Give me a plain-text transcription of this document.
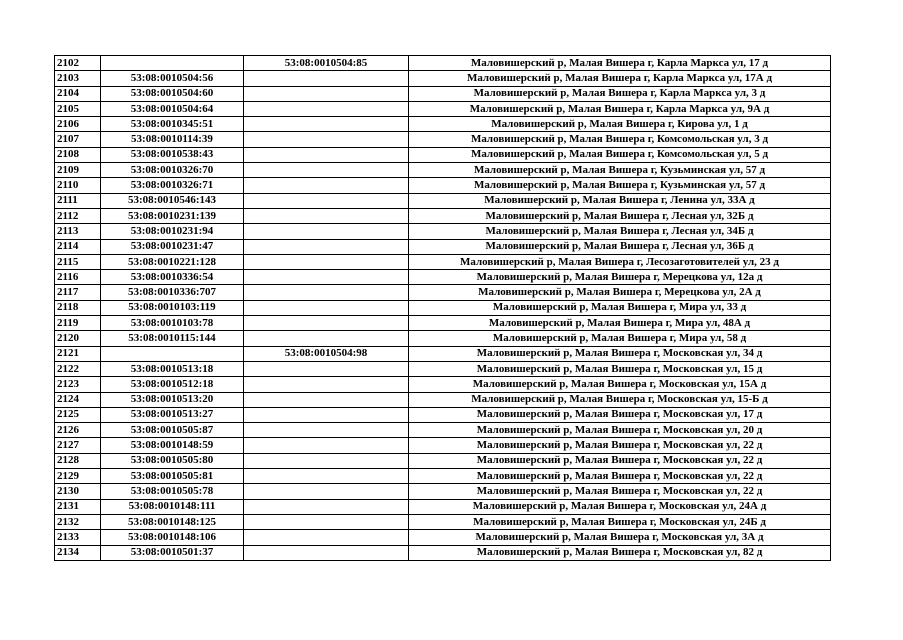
2102		53:08:0010504:85	Маловишерский р, Малая Вишера г, Карла Маркса ул, 17 д
2103	53:08:0010504:56		Маловишерский р, Малая Вишера г, Карла Маркса ул, 17А д
2104	53:08:0010504:60		Маловишерский р, Малая Вишера г, Карла Маркса ул, 3 д
2105	53:08:0010504:64		Маловишерский р, Малая Вишера г, Карла Маркса ул, 9А д
2106	53:08:0010345:51		Маловишерский р, Малая Вишера г, Кирова ул, 1 д
2107	53:08:0010114:39		Маловишерский р, Малая Вишера г, Комсомольская ул, 3 д
2108	53:08:0010538:43		Маловишерский р, Малая Вишера г, Комсомольская ул, 5 д
2109	53:08:0010326:70		Маловишерский р, Малая Вишера г, Кузьминская ул, 57 д
2110	53:08:0010326:71		Маловишерский р, Малая Вишера г, Кузьминская ул, 57 д
2111	53:08:0010546:143		Маловишерский р, Малая Вишера г, Ленина ул, 33А д
2112	53:08:0010231:139		Маловишерский р, Малая Вишера г, Лесная ул, 32Б д
2113	53:08:0010231:94		Маловишерский р, Малая Вишера г, Лесная ул, 34Б д
2114	53:08:0010231:47		Маловишерский р, Малая Вишера г, Лесная ул, 36Б д
2115	53:08:0010221:128		Маловишерский р, Малая Вишера г, Лесозаготовителей ул, 23 д
2116	53:08:0010336:54		Маловишерский р, Малая Вишера г, Мерецкова ул, 12а д
2117	53:08:0010336:707		Маловишерский р, Малая Вишера г, Мерецкова ул, 2А д
2118	53:08:0010103:119		Маловишерский р, Малая Вишера г, Мира ул, 33 д
2119	53:08:0010103:78		Маловишерский р, Малая Вишера г, Мира ул, 48А д
2120	53:08:0010115:144		Маловишерский р, Малая Вишера г, Мира ул, 58 д
2121		53:08:0010504:98	Маловишерский р, Малая Вишера г, Московская ул, 34 д
2122	53:08:0010513:18		Маловишерский р, Малая Вишера г, Московская ул, 15 д
2123	53:08:0010512:18		Маловишерский р, Малая Вишера г, Московская ул, 15А д
2124	53:08:0010513:20		Маловишерский р, Малая Вишера г, Московская ул, 15-Б д
2125	53:08:0010513:27		Маловишерский р, Малая Вишера г, Московская ул, 17 д
2126	53:08:0010505:87		Маловишерский р, Малая Вишера г, Московская ул, 20 д
2127	53:08:0010148:59		Маловишерский р, Малая Вишера г, Московская ул, 22 д
2128	53:08:0010505:80		Маловишерский р, Малая Вишера г, Московская ул, 22 д
2129	53:08:0010505:81		Маловишерский р, Малая Вишера г, Московская ул, 22 д
2130	53:08:0010505:78		Маловишерский р, Малая Вишера г, Московская ул, 22 д
2131	53:08:0010148:111		Маловишерский р, Малая Вишера г, Московская ул, 24А д
2132	53:08:0010148:125		Маловишерский р, Малая Вишера г, Московская ул, 24Б д
2133	53:08:0010148:106		Маловишерский р, Малая Вишера г, Московская ул, 3А д
2134	53:08:0010501:37		Маловишерский р, Малая Вишера г, Московская ул, 82 д
